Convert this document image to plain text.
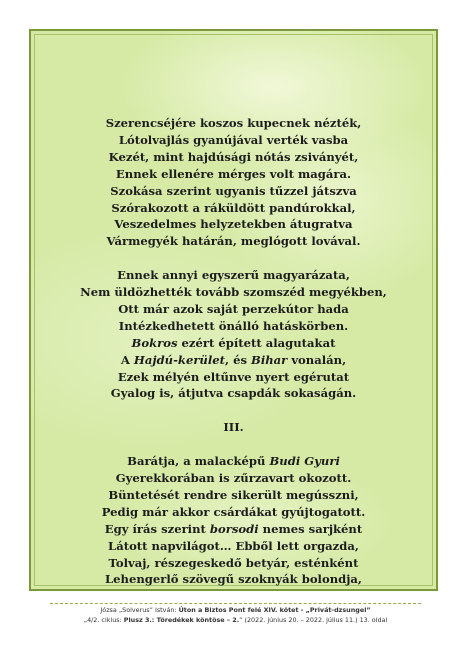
Szerencséjére koszos kupecnek nézték,
Lótolvajlás gyanújával verték vasba
Kezét, mint hajdúsági nótás zsiványét,
Ennek ellenére mérges volt magára.
Szokása szerint ugyanis tűzzel játszva
Szórakozott a ráküldött pandúrokkal,
Veszedelmes helyzetekben átugratva
Vármegyék határán, meglógott lovával.
Ennek annyi egyszerű magyarázata,
Nem üldözhették tovább szomszéd megyékben,
Ott már azok saját perzekútor hada
Intézkedhetett önálló hatáskörben.
Bokros ezért épített alagutakat
A Hajdú-kerület, és Bihar vonalán,
Ezek mélyén eltűnve nyert egérutat
Gyalog is, átjutva csapdák sokaságán.
III.
Barátja, a malacképű Budi Gyuri
Gyerekkorában is zűrzavart okozott.
Büntetését rendre sikerült megússzni,
Pedig már akkor csárdákat gyújtogatott.
Egy írás szerint borsodi nemes sarjként
Látott napvilágot… Ebből lett orgazda,
Tolvaj, részegeskedő betyár, esténként
Lehengerlő szövegű szoknyák bolondja,
Józsa „Solverus” István: Úton a Biztos Pont felé XIV. kötet - „Privát-dzsungel”
„4/2. ciklus: Plusz 3.: Töredékek köntöse – 2.” (2022. június 20. – 2022. július 11.) 13. oldal
